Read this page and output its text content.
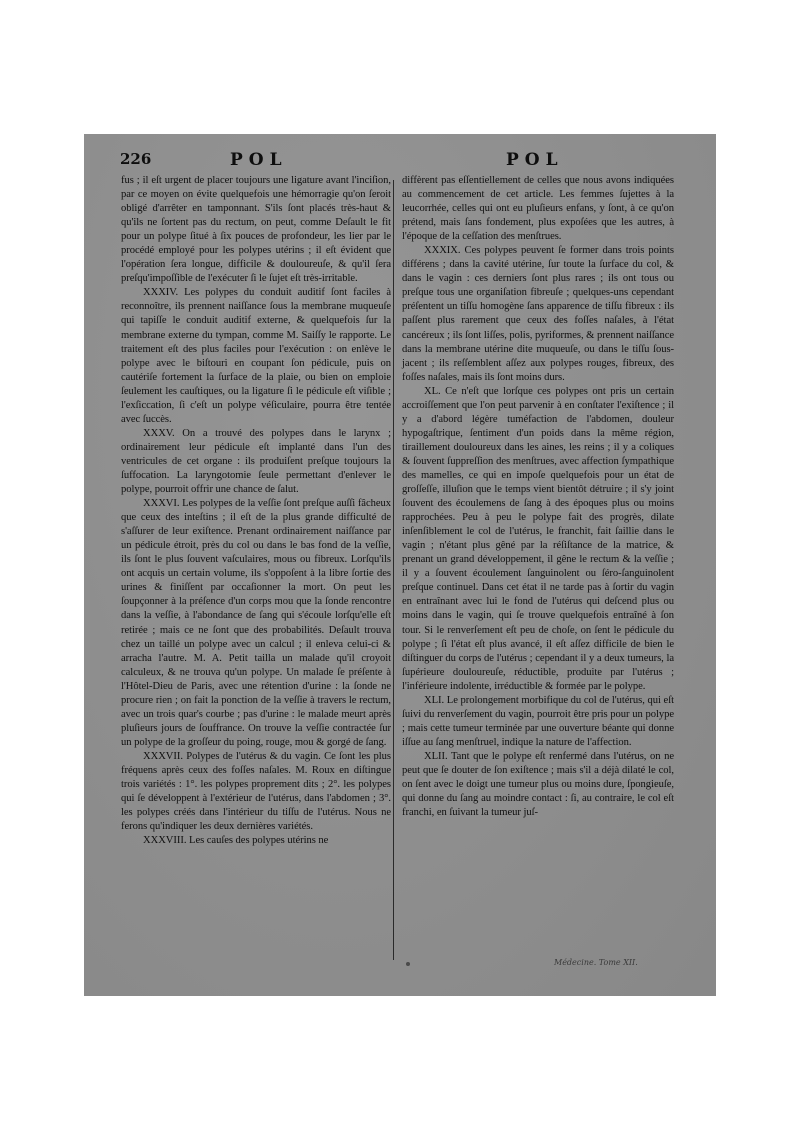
226	POL	POL

fus ; il eſt urgent de placer toujours une ligature avant l'inciſion, par ce moyen on évite quelquefois une hémorragie qu'on ſeroit obligé d'arrêter en tamponnant. S'ils ſont placés très-haut & qu'ils ne ſortent pas du rectum, on peut, comme Deſault le fit pour un polype ſitué à ſix pouces de profondeur, les lier par le procédé employé pour les polypes utérins ; il eſt évident que l'opération ſera longue, difficile & douloureuſe, & qu'il ſera preſqu'impoſſible de l'exécuter ſi le ſujet eſt très-irritable.

XXXIV. Les polypes du conduit auditif ſont faciles à reconnoître, ils prennent naiſſance ſous la membrane muqueuſe qui tapiſſe le conduit auditif externe, & quelquefois ſur la membrane externe du tympan, comme M. Saiſſy le rapporte. Le traitement eſt des plus faciles pour l'exécution : on enlève le polype avec le biſtouri en coupant ſon pédicule, puis on cautériſe fortement la ſurface de la plaie, ou bien on emploie ſeulement les cauſtiques, ou la ligature ſi le pédicule eſt viſible ; l'exſiccation, ſi c'eſt un polype véſiculaire, pourra être tentée avec ſuccès.

XXXV. On a trouvé des polypes dans le larynx ; ordinairement leur pédicule eſt implanté dans l'un des ventricules de cet organe : ils produiſent preſque toujours la ſuffocation. La laryngotomie ſeule permettant d'enlever le polype, pourroit offrir une chance de ſalut.

XXXVI. Les polypes de la veſſie ſont preſque auſſi fâcheux que ceux des inteſtins ; il eſt de la plus grande difficulté de s'aſſurer de leur exiſtence. Prenant ordinairement naiſſance par un pédicule étroit, près du col ou dans le bas fond de la veſſie, ils ſont le plus ſouvent vaſculaires, mous ou fibreux. Lorſqu'ils ont acquis un certain volume, ils s'oppoſent à la libre ſortie des urines & finiſſent par occaſionner la mort. On peut les ſoupçonner à la préſence d'un corps mou que la ſonde rencontre dans la veſſie, à l'abondance de ſang qui s'écoule lorſqu'elle eſt retirée ; mais ce ne ſont que des probabilités. Deſault trouva chez un taillé un polype avec un calcul ; il enleva celui-ci & arracha l'autre. M. A. Petit tailla un malade qu'il croyoit calculeux, & ne trouva qu'un polype. Un malade ſe préſente à l'Hôtel-Dieu de Paris, avec une rétention d'urine : la ſonde ne procure rien ; on fait la ponction de la veſſie à travers le rectum, avec un trois quar's courbe ; pas d'urine : le malade meurt après pluſieurs jours de ſouffrance. On trouve la veſſie contractée ſur un polype de la groſſeur du poing, rouge, mou & gorgé de ſang.

XXXVII. Polypes de l'utérus & du vagin. Ce ſont les plus fréquens après ceux des foſſes naſales. M. Roux en diſtingue trois variétés : 1°. les polypes proprement dits ; 2°. les polypes qui ſe développent à l'extérieur de l'utérus, dans l'abdomen ; 3°. les polypes créés dans l'intérieur du tiſſu de l'utérus. Nous ne ferons qu'indiquer les deux dernières variétés.

XXXVIII. Les cauſes des polypes utérins ne

diffèrent pas eſſentiellement de celles que nous avons indiquées au commencement de cet article. Les femmes ſujettes à la leucorrhée, celles qui ont eu pluſieurs enfans, y ſont, à ce qu'on prétend, mais ſans fondement, plus expoſées que les autres, à l'époque de la ceſſation des menſtrues.

XXXIX. Ces polypes peuvent ſe former dans trois points différens ; dans la cavité utérine, ſur toute la ſurface du col, & dans le vagin : ces derniers ſont plus rares ; ils ont tous ou preſque tous une organiſation fibreuſe ; quelques-uns cependant préſentent un tiſſu homogène ſans apparence de tiſſu fibreux : ils paſſent plus rarement que ceux des foſſes naſales, à l'état cancéreux ; ils ſont liſſes, polis, pyriformes, & prennent naiſſance dans la membrane utérine dite muqueuſe, ou dans le tiſſu ſous-jacent ; ils reſſemblent aſſez aux polypes rouges, fibreux, des foſſes naſales, mais ils ſont moins durs.

XL. Ce n'eſt que lorſque ces polypes ont pris un certain accroiſſement que l'on peut parvenir à en conſtater l'exiſtence ; il y a d'abord légère tuméfaction de l'abdomen, douleur hypogaſtrique, ſentiment d'un poids dans la même région, tiraillement douloureux dans les aines, les reins ; il y a coliques & ſouvent ſuppreſſion des menſtrues, avec affection ſympathique des mamelles, ce qui en impoſe quelquefois pour un état de groſſeſſe, illuſion que le temps vient bientôt détruire ; il s'y joint ſouvent des écoulemens de ſang à des époques plus ou moins rapprochées. Peu à peu le polype fait des progrès, dilate inſenſiblement le col de l'utérus, le franchit, fait ſaillie dans le vagin ; n'étant plus gêné par la réſiſtance de la matrice, & prenant un grand développement, il gêne le rectum & la veſſie ; il y a ſouvent écoulement ſanguinolent ou ſéro-ſanguinolent preſque continuel. Dans cet état il ne tarde pas à ſortir du vagin en entraînant avec lui le fond de l'utérus qui deſcend plus ou moins dans le vagin, qui ſe trouve quelquefois entraîné à ſon tour. Si le renverſement eſt peu de choſe, on ſent le pédicule du polype ; ſi l'état eſt plus avancé, il eſt aſſez difficile de bien le diſtinguer du corps de l'utérus ; cependant il y a deux tumeurs, la ſupérieure douloureuſe, réductible, produite par l'utérus ; l'inférieure indolente, irréductible & formée par le polype.

XLI. Le prolongement morbifique du col de l'utérus, qui eſt ſuivi du renverſement du vagin, pourroit être pris pour un polype ; mais cette tumeur terminée par une ouverture béante qui donne iſſue au ſang menſtruel, indique la nature de l'affection.

XLII. Tant que le polype eſt renfermé dans l'utérus, on ne peut que ſe douter de ſon exiſtence ; mais s'il a déjà dilaté le col, on ſent avec le doigt une tumeur plus ou moins dure, ſpongieuſe, qui donne du ſang au moindre contact : ſi, au contraire, le col eſt franchi, en ſuivant la tumeur juſ-

Médecine. Tome XII.
